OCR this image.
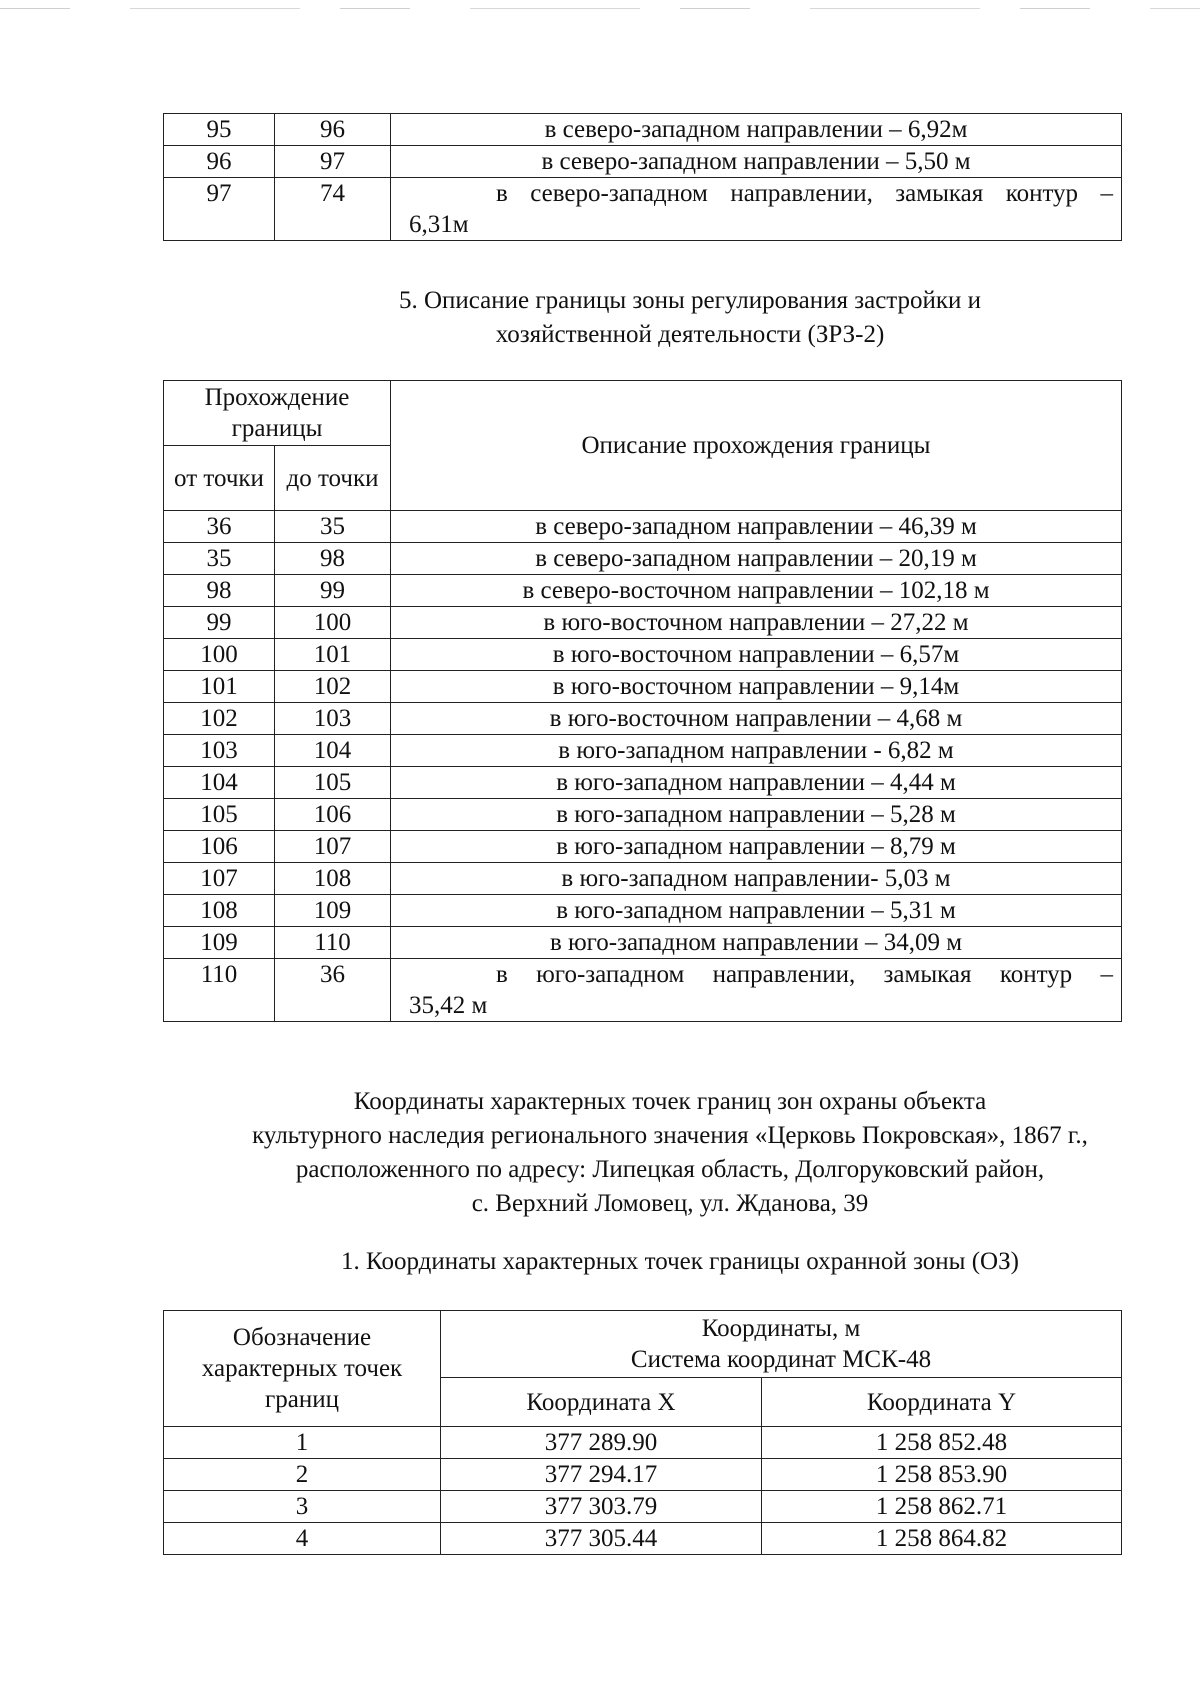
95	96	в северо-западном направлении – 6,92м
96	97	в северо-западном направлении – 5,50 м
97	74	в северо-западном направлении, замыкая контур –
6,31м
5. Описание границы зоны регулирования застройки и
хозяйственной деятельности (ЗРЗ-2)
Прохождение границы		Описание прохождения границы
от точки	до точки	
36	35	в северо-западном направлении – 46,39 м
35	98	в северо-западном направлении – 20,19 м
98	99	в северо-восточном направлении – 102,18 м
99	100	в юго-восточном направлении – 27,22 м
100	101	в юго-восточном направлении – 6,57м
101	102	в юго-восточном направлении – 9,14м
102	103	в юго-восточном направлении – 4,68 м
103	104	в юго-западном направлении - 6,82 м
104	105	в юго-западном направлении – 4,44 м
105	106	в юго-западном направлении – 5,28 м
106	107	в юго-западном направлении – 8,79 м
107	108	в юго-западном направлении- 5,03 м
108	109	в юго-западном направлении – 5,31 м
109	110	в юго-западном направлении – 34,09 м
110	36	в юго-западном направлении, замыкая контур –
35,42 м
Координаты характерных точек границ зон охраны объекта
культурного наследия регионального значения «Церковь Покровская», 1867 г.,
расположенного по адресу: Липецкая область, Долгоруковский район,
с. Верхний Ломовец, ул. Жданова, 39
1. Координаты характерных точек границы охранной зоны (ОЗ)
Обозначение характерных точек границ	Координаты, м
Система координат МСК-48	

	Координата X	Координата Y
1	377 289.90	1 258 852.48
2	377 294.17	1 258 853.90
3	377 303.79	1 258 862.71
4	377 305.44	1 258 864.82
